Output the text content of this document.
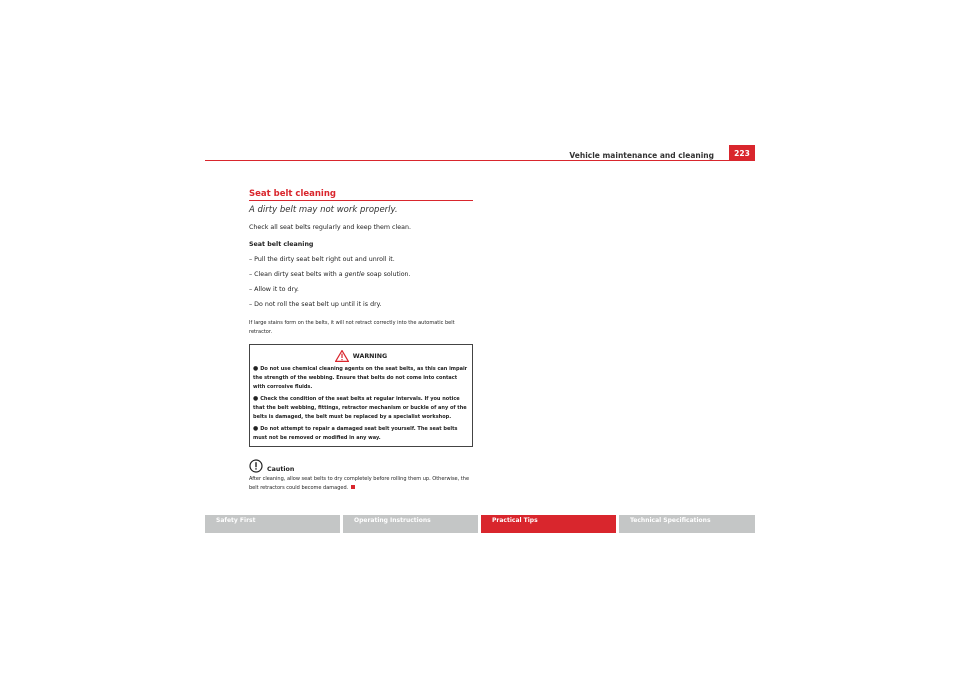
Vehicle maintenance and cleaning	223
Seat belt cleaning
A dirty belt may not work properly.
Check all seat belts regularly and keep them clean.
Seat belt cleaning
– Pull the dirty seat belt right out and unroll it.
– Clean dirty seat belts with a gentle soap solution.
– Allow it to dry.
– Do not roll the seat belt up until it is dry.
If large stains form on the belts, it will not retract correctly into the automatic belt retractor.
WARNING
● Do not use chemical cleaning agents on the seat belts, as this can impair the strength of the webbing. Ensure that belts do not come into contact with corrosive fluids.
● Check the condition of the seat belts at regular intervals. If you notice that the belt webbing, fittings, retractor mechanism or buckle of any of the belts is damaged, the belt must be replaced by a specialist workshop.
● Do not attempt to repair a damaged seat belt yourself. The seat belts must not be removed or modified in any way.
Caution
After cleaning, allow seat belts to dry completely before rolling them up. Otherwise, the belt retractors could become damaged.
Safety First	Operating Instructions	Practical Tips	Technical Specifications
